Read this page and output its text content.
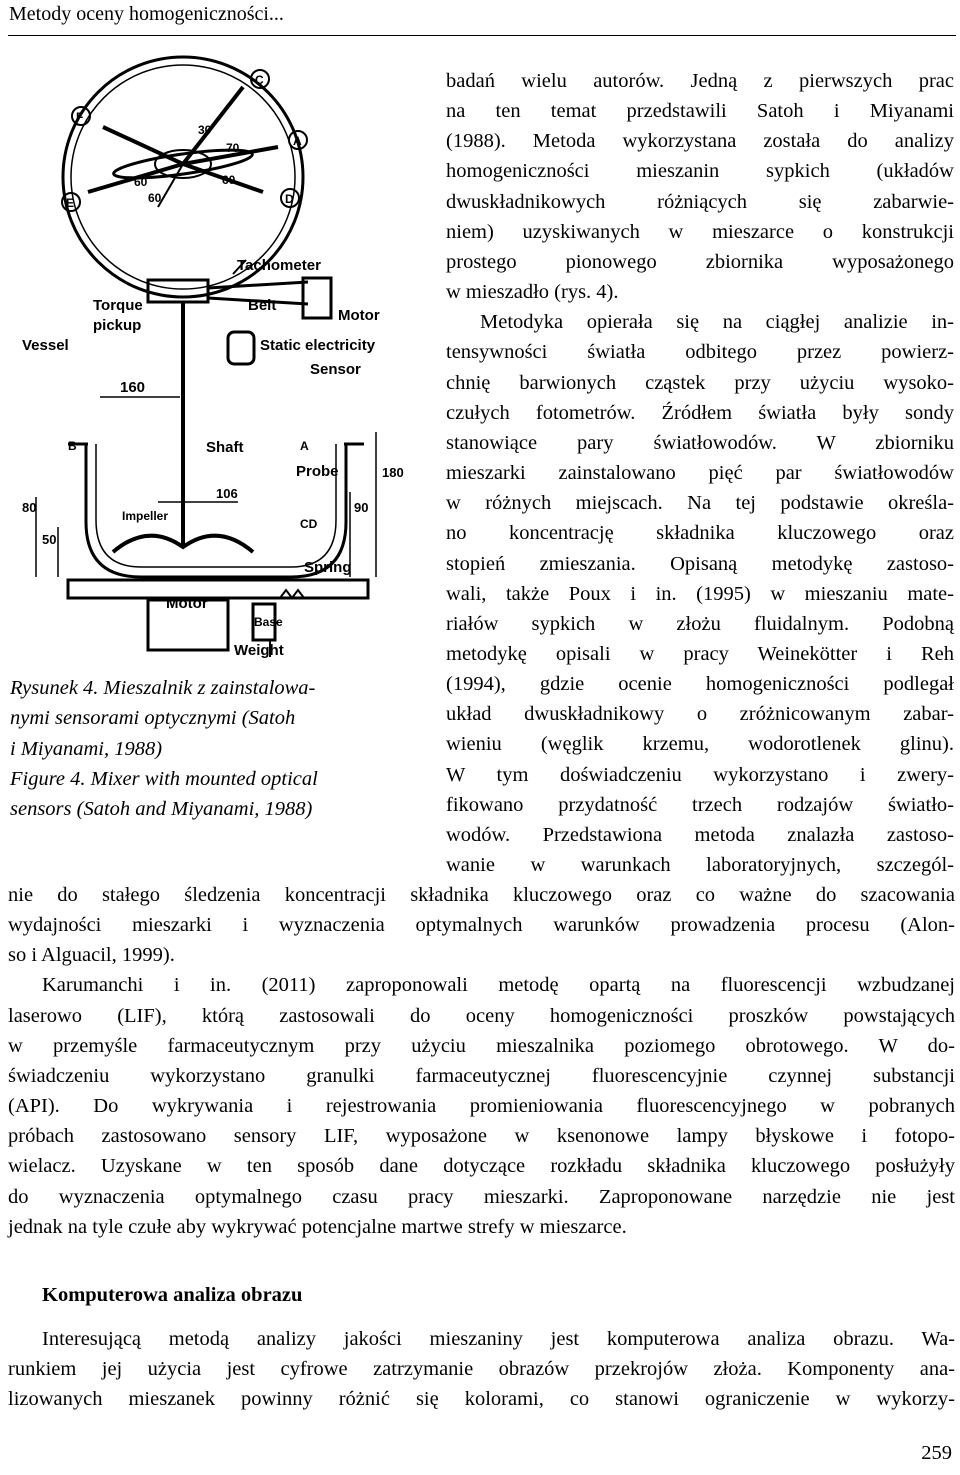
Metody oceny homogeniczności...
Tachometer
Torque
pickup
Belt
Motor
Vessel	Static electricity
Sensor
160
Shaft
Probe
Impeller
106
180
90
80
50
Spring
Motor
Base
Weight
30
70
60
60
60
F
E
C
A
D
B	A
CD
Rysunek 4. Mieszalnik z zainstalowa-
nymi sensorami optycznymi (Satoh
i Miyanami, 1988)
Figure 4. Mixer with mounted optical
sensors (Satoh and Miyanami, 1988)
badań wielu autorów. Jedną z pierwszych prac
na ten temat przedstawili Satoh i Miyanami
(1988). Metoda wykorzystana została do analizy
homogeniczności mieszanin sypkich (układów
dwuskładnikowych różniących się zabarwie-
niem) uzyskiwanych w mieszarce o konstrukcji
prostego pionowego zbiornika wyposażonego
w mieszadło (rys. 4).
Metodyka opierała się na ciągłej analizie in-
tensywności światła odbitego przez powierz-
chnię barwionych cząstek przy użyciu wysoko-
czułych fotometrów. Źródłem światła były sondy
stanowiące pary światłowodów. W zbiorniku
mieszarki zainstalowano pięć par światłowodów
w różnych miejscach. Na tej podstawie określa-
no koncentrację składnika kluczowego oraz
stopień zmieszania. Opisaną metodykę zastoso-
wali, także Poux i in. (1995) w mieszaniu mate-
riałów sypkich w złożu fluidalnym. Podobną
metodykę opisali w pracy Weinekötter i Reh
(1994), gdzie ocenie homogeniczności podlegał
układ dwuskładnikowy o zróżnicowanym zabar-
wieniu (węglik krzemu, wodorotlenek glinu).
W tym doświadczeniu wykorzystano i zwery-
fikowano przydatność trzech rodzajów światło-
wodów. Przedstawiona metoda znalazła zastoso-
wanie w warunkach laboratoryjnych, szczegól-
nie do stałego śledzenia koncentracji składnika kluczowego oraz co ważne do szacowania
wydajności mieszarki i wyznaczenia optymalnych warunków prowadzenia procesu (Alon-
so i Alguacil, 1999).
Karumanchi i in. (2011) zaproponowali metodę opartą na fluorescencji wzbudzanej
laserowo (LIF), którą zastosowali do oceny homogeniczności proszków powstających
w przemyśle farmaceutycznym przy użyciu mieszalnika poziomego obrotowego. W do-
świadczeniu wykorzystano granulki farmaceutycznej fluorescencyjnie czynnej substancji
(API). Do wykrywania i rejestrowania promieniowania fluorescencyjnego w pobranych
próbach zastosowano sensory LIF, wyposażone w ksenonowe lampy błyskowe i fotopo-
wielacz. Uzyskane w ten sposób dane dotyczące rozkładu składnika kluczowego posłużyły
do wyznaczenia optymalnego czasu pracy mieszarki. Zaproponowane narzędzie nie jest
jednak na tyle czułe aby wykrywać potencjalne martwe strefy w mieszarce.
Komputerowa analiza obrazu
Interesującą metodą analizy jakości mieszaniny jest komputerowa analiza obrazu. Wa-
runkiem jej użycia jest cyfrowe zatrzymanie obrazów przekrojów złoża. Komponenty ana-
lizowanych mieszanek powinny różnić się kolorami, co stanowi ograniczenie w wykorzy-
259
